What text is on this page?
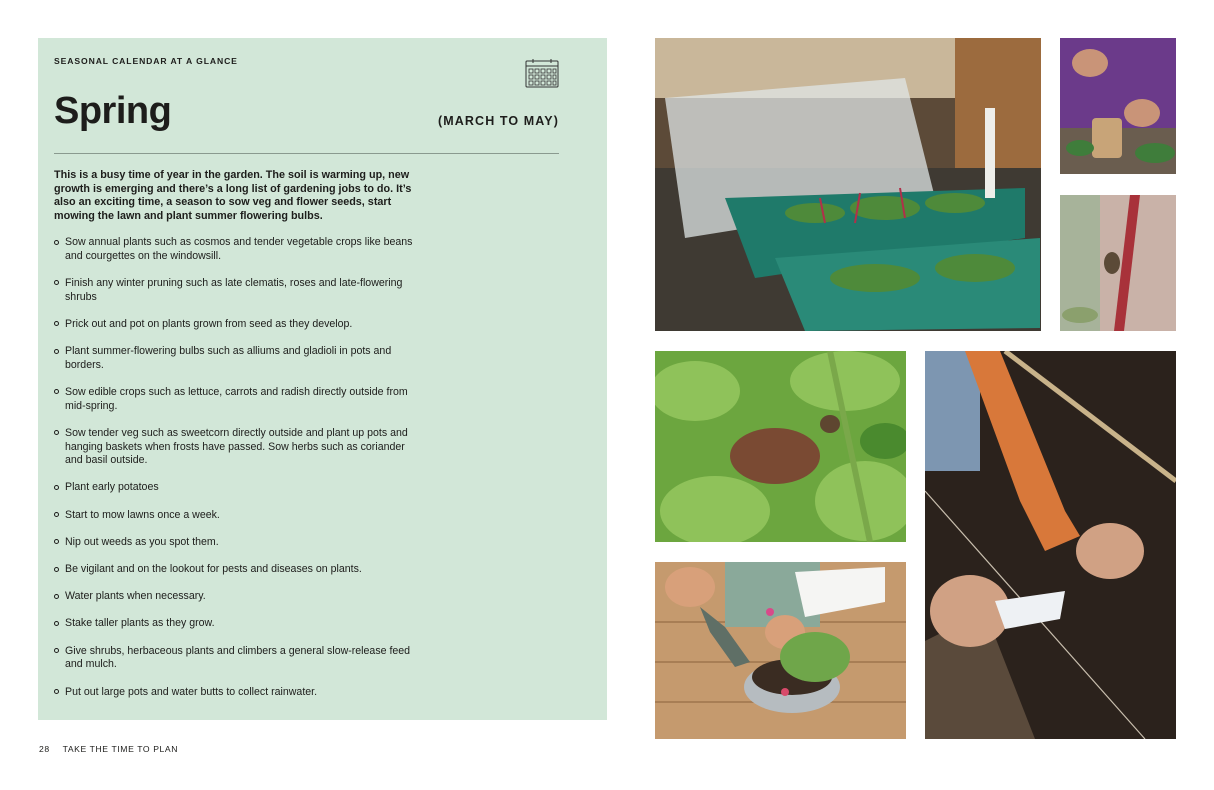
SEASONAL CALENDAR AT A GLANCE
Spring	(MARCH TO MAY)

This is a busy time of year in the garden. The soil is warming up, new growth is emerging and there’s a long list of gardening jobs to do. It’s also an exciting time, a season to sow veg and flower seeds, start mowing the lawn and plant summer flowering bulbs.

Sow annual plants such as cosmos and tender vegetable crops like beans and courgettes on the windowsill.
Finish any winter pruning such as late clematis, roses and late-flowering shrubs
Prick out and pot on plants grown from seed as they develop.
Plant summer-flowering bulbs such as alliums and gladioli in pots and borders.
Sow edible crops such as lettuce, carrots and radish directly outside from mid-spring.
Sow tender veg such as sweetcorn directly outside and plant up pots and hanging baskets when frosts have passed. Sow herbs such as coriander and basil outside.
Plant early potatoes
Start to mow lawns once a week.
Nip out weeds as you spot them.
Be vigilant and on the lookout for pests and diseases on plants.
Water plants when necessary.
Stake taller plants as they grow.
Give shrubs, herbaceous plants and climbers a general slow-release feed and mulch.
Put out large pots and water butts to collect rainwater.
28 TAKE THE TIME TO PLAN
